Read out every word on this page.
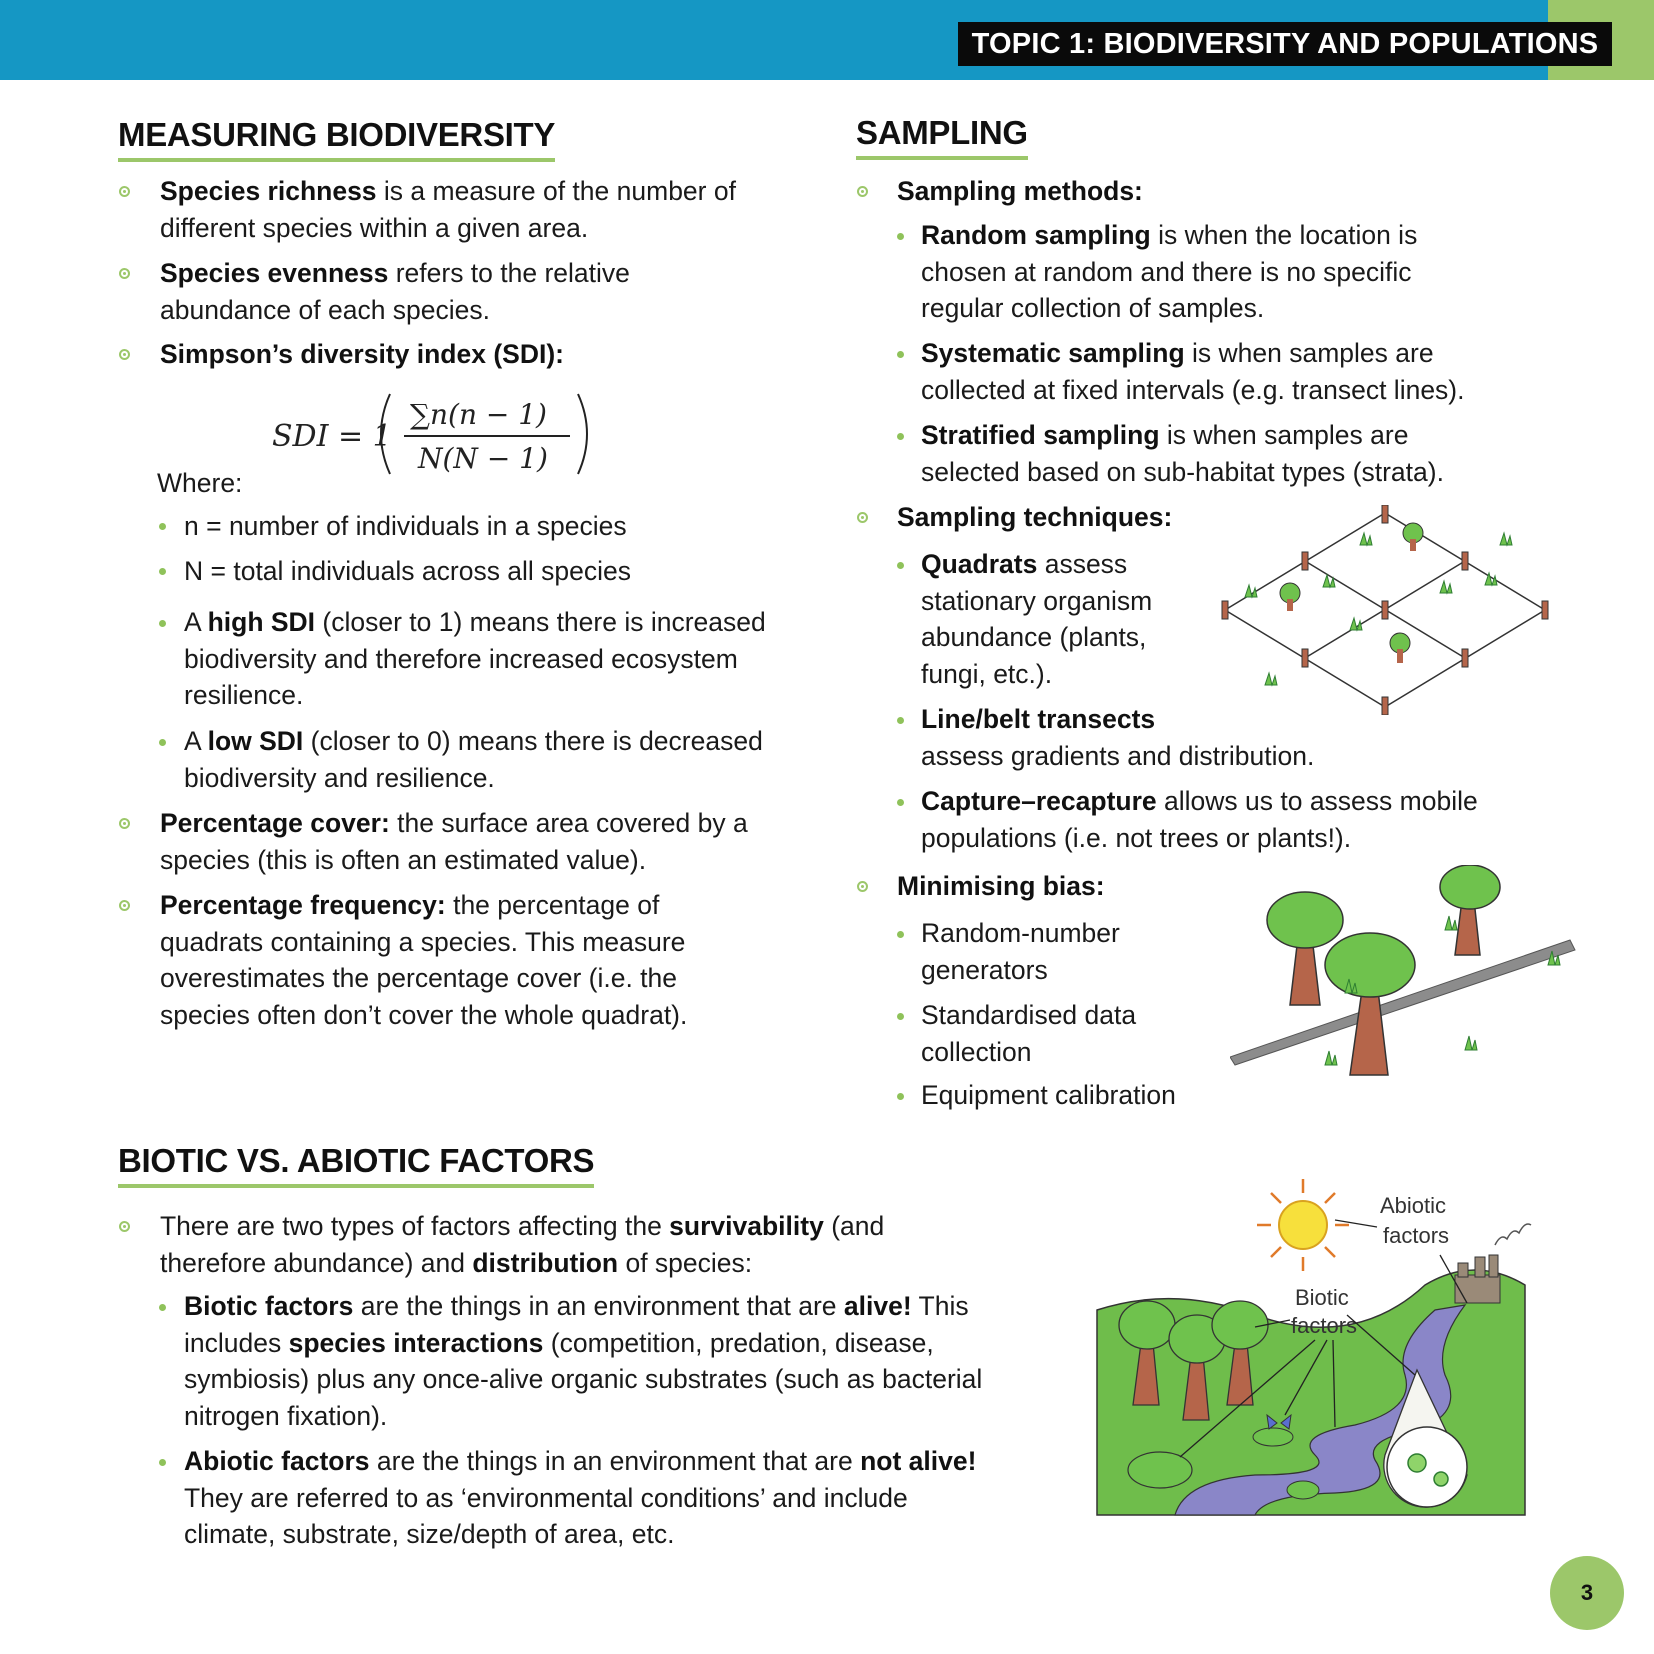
TOPIC 1: BIODIVERSITY AND POPULATIONS
MEASURING BIODIVERSITY
Species richness is a measure of the number of
different species within a given area.
Species evenness refers to the relative
abundance of each species.
Simpson’s diversity index (SDI):
SDI = 1
∑n(n − 1)
N(N − 1)
Where:
n = number of individuals in a species
N = total individuals across all species
A high SDI (closer to 1) means there is increased
biodiversity and therefore increased ecosystem
resilience.
A low SDI (closer to 0) means there is decreased
biodiversity and resilience.
Percentage cover: the surface area covered by a
species (this is often an estimated value).
Percentage frequency: the percentage of
quadrats containing a species. This measure
overestimates the percentage cover (i.e. the
species often don’t cover the whole quadrat).
SAMPLING
Sampling methods:
Random sampling is when the location is
chosen at random and there is no specific
regular collection of samples.
Systematic sampling is when samples are
collected at fixed intervals (e.g. transect lines).
Stratified sampling is when samples are
selected based on sub-habitat types (strata).
Sampling techniques:
Quadrats assess
stationary organism
abundance (plants,
fungi, etc.).
Line/belt transects
assess gradients and distribution.
Capture–recapture allows us to assess mobile
populations (i.e. not trees or plants!).
Minimising bias:
Random-number
generators
Standardised data
collection
Equipment calibration
BIOTIC VS. ABIOTIC FACTORS
There are two types of factors affecting the survivability (and
therefore abundance) and distribution of species:
Biotic factors are the things in an environment that are alive! This
includes species interactions (competition, predation, disease,
symbiosis) plus any once-alive organic substrates (such as bacterial
nitrogen fixation).
Abiotic factors are the things in an environment that are not alive!
They are referred to as ‘environmental conditions’ and include
climate, substrate, size/depth of area, etc.
Abiotic
factors
Biotic
factors
3
